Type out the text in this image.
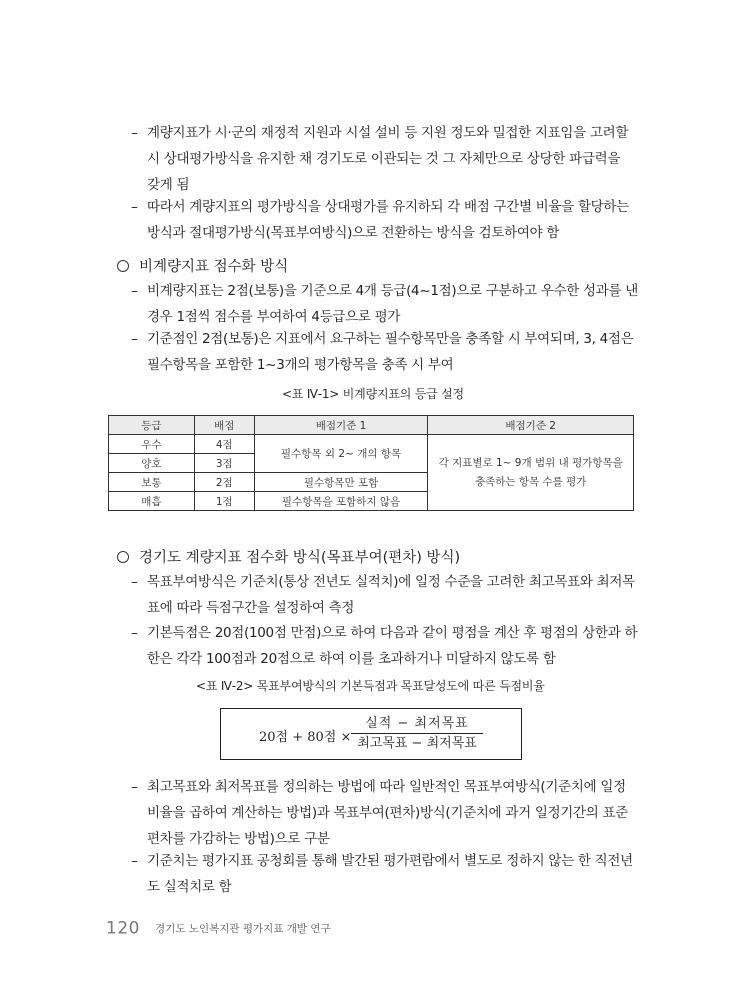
– 계량지표가 시·군의 재정적 지원과 시설 설비 등 지원 정도와 밀접한 지표임을 고려할
시 상대평가방식을 유지한 채 경기도로 이관되는 것 그 자체만으로 상당한 파급력을
갖게 됨
– 따라서 계량지표의 평가방식을 상대평가를 유지하되 각 배점 구간별 비율을 할당하는
방식과 절대평가방식(목표부여방식)으로 전환하는 방식을 검토하여야 함
비계량지표 점수화 방식
– 비계량지표는 2점(보통)을 기준으로 4개 등급(4~1점)으로 구분하고 우수한 성과를 낸
경우 1점씩 점수를 부여하여 4등급으로 평가
– 기준점인 2점(보통)은 지표에서 요구하는 필수항목만을 충족할 시 부여되며, 3, 4점은
필수항목을 포함한 1~3개의 평가항목을 충족 시 부여
<표 Ⅳ-1> 비계량지표의 등급 설정
등급	배점	배점기준 1	배점기준 2
우수	4점	필수항목 외 2~ 개의 항목	각 지표별로 1~ 9개 범위 내 평가항목을
충족하는 항목 수를 평가
양호	3점		
보통	2점	필수항목만 포함	
매흡	1점	필수항목을 포함하지 않음	
경기도 계량지표 점수화 방식(목표부여(편차) 방식)
– 목표부여방식은 기준치(통상 전년도 실적치)에 일정 수준을 고려한 최고목표와 최저목
표에 따라 득점구간을 설정하여 측정
– 기본득점은 20점(100점 만점)으로 하여 다음과 같이 평점을 계산 후 평점의 상한과 하
한은 각각 100점과 20점으로 하여 이를 초과하거나 미달하지 않도록 함
<표 Ⅳ-2> 목표부여방식의 기본득점과 목표달성도에 따른 득점비율
20점 + 80점 ×
실적 − 최저목표
최고목표 − 최저목표
– 최고목표와 최저목표를 정의하는 방법에 따라 일반적인 목표부여방식(기준치에 일정
비율을 곱하여 계산하는 방법)과 목표부여(편차)방식(기준치에 과거 일정기간의 표준
편차를 가감하는 방법)으로 구분
– 기준치는 평가지표 공청회를 통해 발간된 평가편람에서 별도로 정하지 않는 한 직전년
도 실적치로 함
120 경기도 노인복지관 평가지표 개발 연구
